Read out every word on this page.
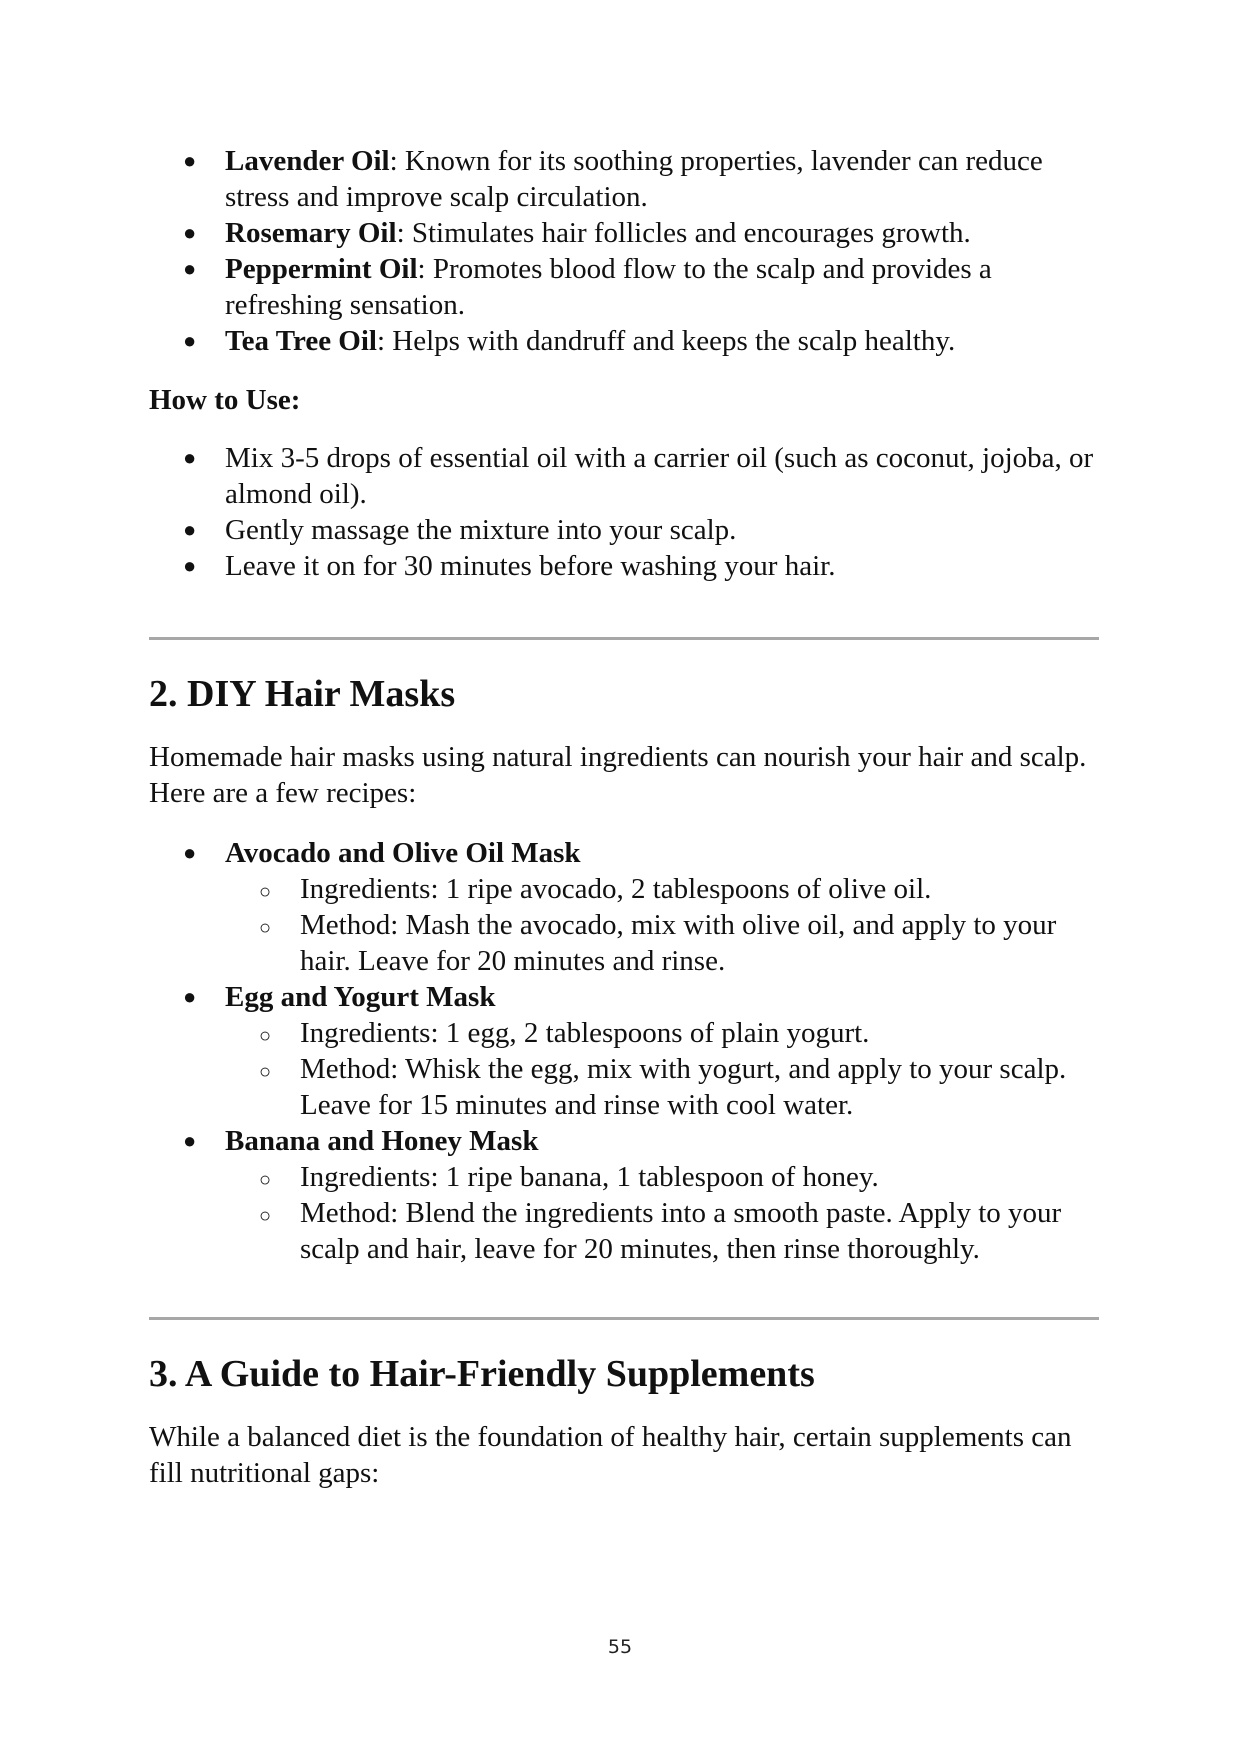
● Lavender Oil: Known for its soothing properties, lavender can reduce stress and improve scalp circulation.
● Rosemary Oil: Stimulates hair follicles and encourages growth.
● Peppermint Oil: Promotes blood flow to the scalp and provides a refreshing sensation.
● Tea Tree Oil: Helps with dandruff and keeps the scalp healthy.

How to Use:

● Mix 3-5 drops of essential oil with a carrier oil (such as coconut, jojoba, or almond oil).
● Gently massage the mixture into your scalp.
● Leave it on for 30 minutes before washing your hair.
2. DIY Hair Masks

Homemade hair masks using natural ingredients can nourish your hair and scalp. Here are a few recipes:

● Avocado and Olive Oil Mask
○ Ingredients: 1 ripe avocado, 2 tablespoons of olive oil.
○ Method: Mash the avocado, mix with olive oil, and apply to your hair. Leave for 20 minutes and rinse.
● Egg and Yogurt Mask
○ Ingredients: 1 egg, 2 tablespoons of plain yogurt.
○ Method: Whisk the egg, mix with yogurt, and apply to your scalp. Leave for 15 minutes and rinse with cool water.
● Banana and Honey Mask
○ Ingredients: 1 ripe banana, 1 tablespoon of honey.
○ Method: Blend the ingredients into a smooth paste. Apply to your scalp and hair, leave for 20 minutes, then rinse thoroughly.
3. A Guide to Hair-Friendly Supplements

While a balanced diet is the foundation of healthy hair, certain supplements can fill nutritional gaps:

55
